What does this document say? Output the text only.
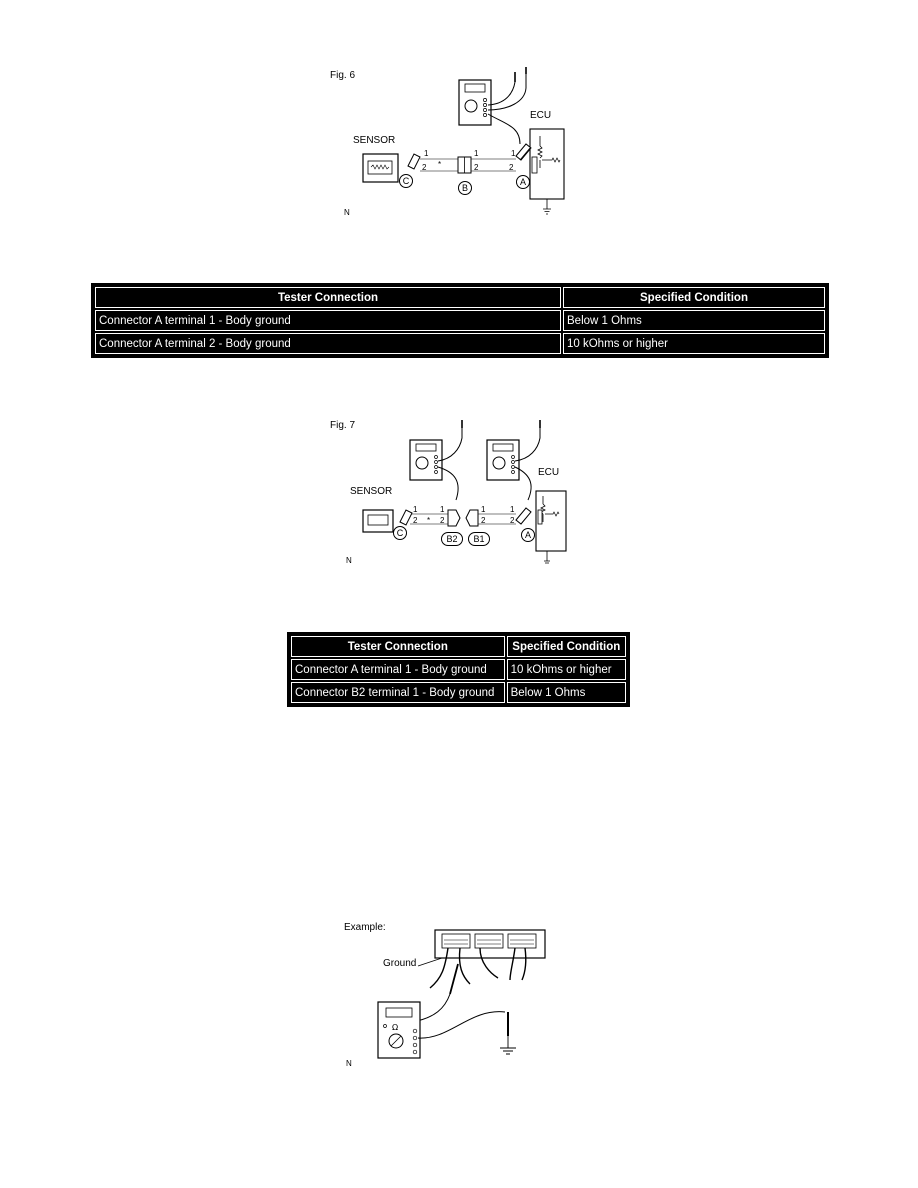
Fig. 6
ECU
SENSOR
1
2 *
1
2
1
2
C
B
A
N
Tester Connection	Specified Condition
Connector A terminal 1 - Body ground	Below 1 Ohms
Connector A terminal 2 - Body ground	10 kOhms or higher
Fig. 7
ECU
SENSOR
1
2 *
1
2
1
2
1
2
C
B2	B1	A
N
Tester Connection	Specified Condition
Connector A terminal 1 - Body ground	10 kOhms or higher
Connector B2 terminal 1 - Body ground	Below 1 Ohms
Ω
Example:
Ground
N
